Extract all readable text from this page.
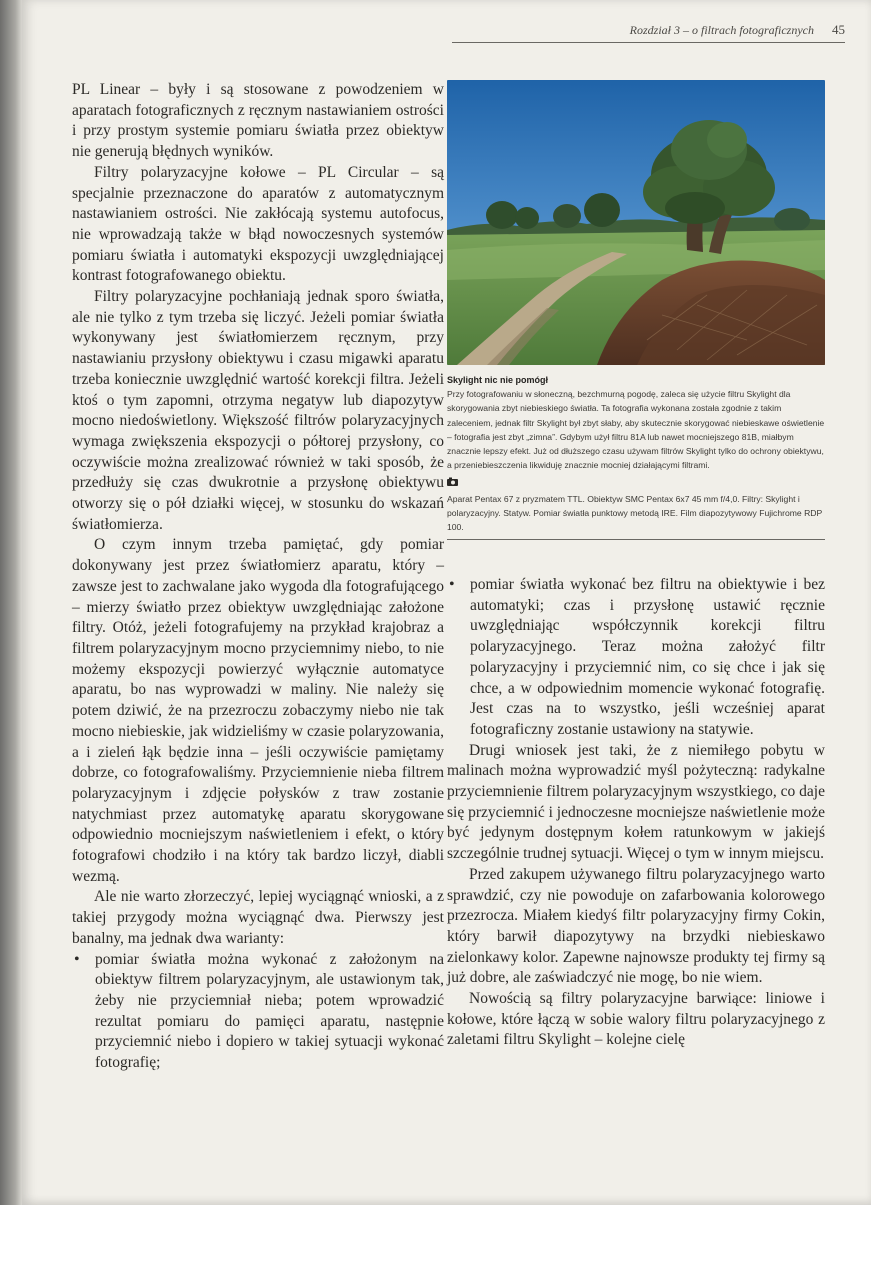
Rozdział 3 – o filtrach fotograficznych 45

PL Linear – były i są stosowane z powodzeniem w aparatach fotograficznych z ręcznym nastawianiem ostrości i przy prostym systemie pomiaru światła przez obiektyw nie generują błędnych wyników.

Filtry polaryzacyjne kołowe – PL Circular – są specjalnie przeznaczone do aparatów z automatycznym nastawianiem ostrości. Nie zakłócają systemu autofocus, nie wprowadzają także w błąd nowoczesnych systemów pomiaru światła i automatyki ekspozycji uwzględniającej kontrast fotografowanego obiektu.

Filtry polaryzacyjne pochłaniają jednak sporo światła, ale nie tylko z tym trzeba się liczyć. Jeżeli pomiar światła wykonywany jest światłomierzem ręcznym, przy nastawianiu przysłony obiektywu i czasu migawki aparatu trzeba koniecznie uwzględnić wartość korekcji filtra. Jeżeli ktoś o tym zapomni, otrzyma negatyw lub diapozytyw mocno niedoświetlony. Większość filtrów polaryzacyjnych wymaga zwiększenia ekspozycji o półtorej przysłony, co oczywiście można zrealizować również w taki sposób, że przedłuży się czas dwukrotnie a przysłonę obiektywu otworzy się o pół działki więcej, w stosunku do wskazań światłomierza.

O czym innym trzeba pamiętać, gdy pomiar dokonywany jest przez światłomierz aparatu, który – zawsze jest to zachwalane jako wygoda dla fotografującego – mierzy światło przez obiektyw uwzględniając założone filtry. Otóż, jeżeli fotografujemy na przykład krajobraz a filtrem polaryzacyjnym mocno przyciemnimy niebo, to nie możemy ekspozycji powierzyć wyłącznie automatyce aparatu, bo nas wyprowadzi w maliny. Nie należy się potem dziwić, że na przezroczu zobaczymy niebo nie tak mocno niebieskie, jak widzieliśmy w czasie polaryzowania, a i zieleń łąk będzie inna – jeśli oczywiście pamiętamy dobrze, co fotografowaliśmy. Przyciemnienie nieba filtrem polaryzacyjnym i zdjęcie połysków z traw zostanie natychmiast przez automatykę aparatu skorygowane odpowiednio mocniejszym naświetleniem i efekt, o który fotografowi chodziło i na który tak bardzo liczył, diabli wezmą.

Ale nie warto złorzeczyć, lepiej wyciągnąć wnioski, a z takiej przygody można wyciągnąć dwa. Pierwszy jest banalny, ma jednak dwa warianty:

• pomiar światła można wykonać z założonym na obiektyw filtrem polaryzacyjnym, ale ustawionym tak, żeby nie przyciemniał nieba; potem wprowadzić rezultat pomiaru do pamięci aparatu, następnie przyciemnić niebo i dopiero w takiej sytuacji wykonać fotografię;
Skylight nic nie pomógł
Przy fotografowaniu w słoneczną, bezchmurną pogodę, zaleca się użycie filtru Skylight dla skorygowania zbyt niebieskiego światła. Ta fotografia wykonana została zgodnie z takim zaleceniem, jednak filtr Skylight był zbyt słaby, aby skutecznie skorygować niebieskawe oświetlenie – fotografia jest zbyt „zimna”. Gdybym użył filtru 81A lub nawet mocniejszego 81B, miałbym znacznie lepszy efekt. Już od dłuższego czasu używam filtrów Skylight tylko do ochrony obiektywu, a przeniebieszczenia likwiduję znacznie mocniej działającymi filtrami.
Aparat Pentax 67 z pryzmatem TTL. Obiektyw SMC Pentax 6x7 45 mm f/4,0. Filtry: Skylight i polaryzacyjny. Statyw. Pomiar światła punktowy metodą IRE. Film diapozytywowy Fujichrome RDP 100.
• pomiar światła wykonać bez filtru na obiektywie i bez automatyki; czas i przysłonę ustawić ręcznie uwzględniając współczynnik korekcji filtru polaryzacyjnego. Teraz można założyć filtr polaryzacyjny i przyciemnić nim, co się chce i jak się chce, a w odpowiednim momencie wykonać fotografię. Jest czas na to wszystko, jeśli wcześniej aparat fotograficzny zostanie ustawiony na statywie.

Drugi wniosek jest taki, że z niemiłego pobytu w malinach można wyprowadzić myśl pożyteczną: radykalne przyciemnienie filtrem polaryzacyjnym wszystkiego, co daje się przyciemnić i jednoczesne mocniejsze naświetlenie może być jedynym dostępnym kołem ratunkowym w jakiejś szczególnie trudnej sytuacji. Więcej o tym w innym miejscu.

Przed zakupem używanego filtru polaryzacyjnego warto sprawdzić, czy nie powoduje on zafarbowania kolorowego przezrocza. Miałem kiedyś filtr polaryzacyjny firmy Cokin, który barwił diapozytywy na brzydki niebieskawo zielonkawy kolor. Zapewne najnowsze produkty tej firmy są już dobre, ale zaświadczyć nie mogę, bo nie wiem.

Nowością są filtry polaryzacyjne barwiące: liniowe i kołowe, które łączą w sobie walory filtru polaryzacyjnego z zaletami filtru Skylight – kolejne cielę
